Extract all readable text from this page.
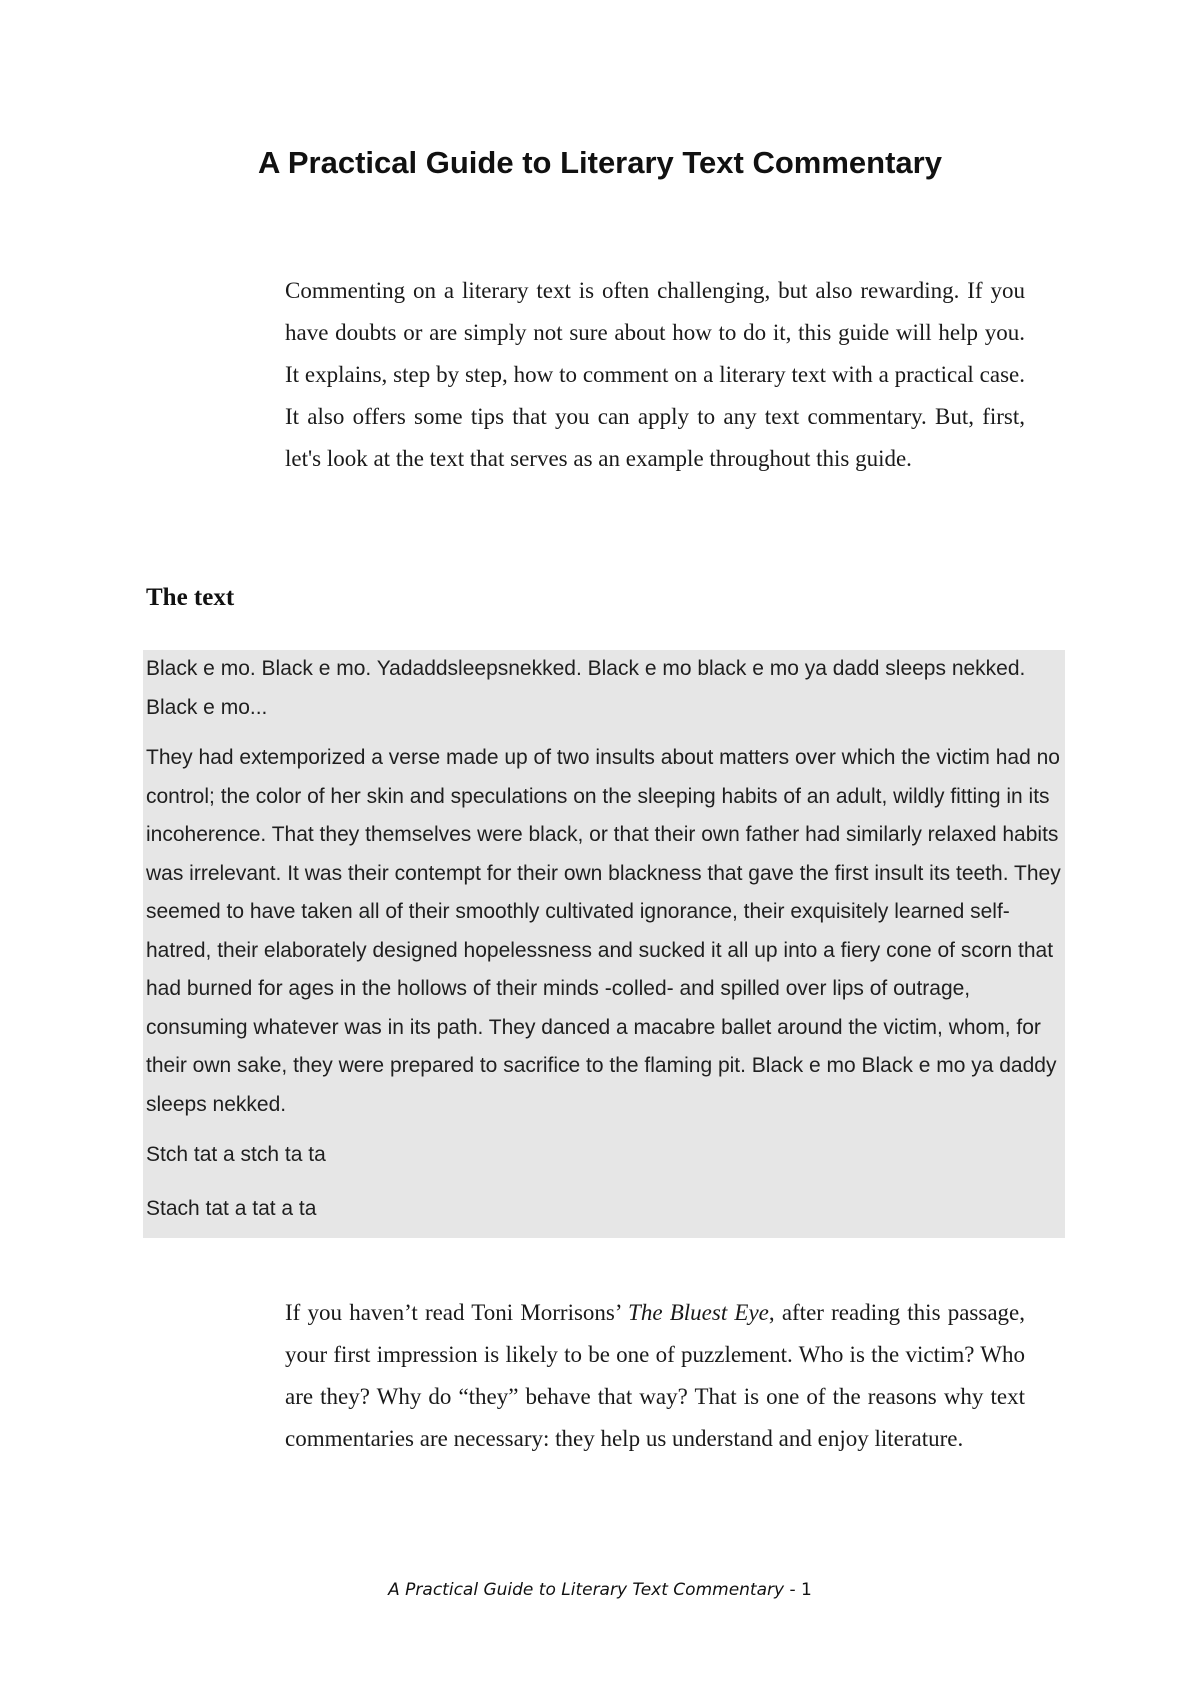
A Practical Guide to Literary Text Commentary

Commenting on a literary text is often challenging, but also rewarding. If you have doubts or are simply not sure about how to do it, this guide will help you. It explains, step by step, how to comment on a literary text with a practical case. It also offers some tips that you can apply to any text commentary. But, first, let's look at the text that serves as an example throughout this guide.

The text

Black e mo. Black e mo. Yadaddsleepsnekked. Black e mo black e mo ya dadd sleeps nekked. Black e mo...

They had extemporized a verse made up of two insults about matters over which the victim had no control; the color of her skin and speculations on the sleeping habits of an adult, wildly fitting in its incoherence. That they themselves were black, or that their own father had similarly relaxed habits was irrelevant. It was their contempt for their own blackness that gave the first insult its teeth. They seemed to have taken all of their smoothly cultivated ignorance, their exquisitely learned self-hatred, their elaborately designed hopelessness and sucked it all up into a fiery cone of scorn that had burned for ages in the hollows of their minds -colled- and spilled over lips of outrage, consuming whatever was in its path. They danced a macabre ballet around the victim, whom, for their own sake, they were prepared to sacrifice to the flaming pit. Black e mo Black e mo ya daddy sleeps nekked.

Stch tat a stch ta ta

Stach tat a tat a ta

If you haven’t read Toni Morrisons’ The Bluest Eye, after reading this passage, your first impression is likely to be one of puzzlement. Who is the victim? Who are they? Why do “they” behave that way? That is one of the reasons why text commentaries are necessary: they help us understand and enjoy literature.

A Practical Guide to Literary Text Commentary - 1
